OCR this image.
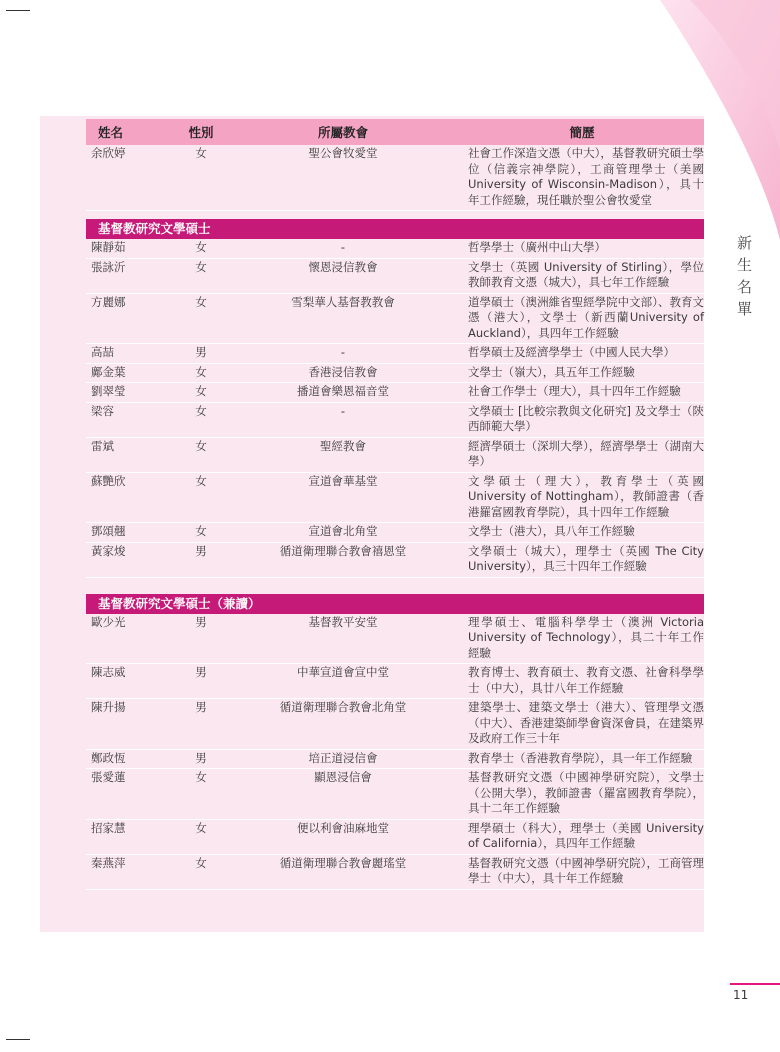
新
生
名
單
姓名	性別	所屬教會	簡歷
余欣婷	女	聖公會牧愛堂	社會工作深造文憑（中大），基督教研究碩士學位（信義宗神學院），工商管理學士（美國 University of Wisconsin-Madison），具十年工作經驗，現任職於聖公會牧愛堂
基督教研究文學碩士
陳靜茹	女	-	哲學學士（廣州中山大學）
張詠沂	女	懷恩浸信教會	文學士（英國 University of Stirling），學位教師教育文憑（城大），具七年工作經驗
方麗娜	女	雪梨華人基督教教會	道學碩士（澳洲維省聖經學院中文部）、教育文憑（港大），文學士（新西蘭University of Auckland），具四年工作經驗
高喆	男	-	哲學碩士及經濟學學士（中國人民大學）
鄺金葉	女	香港浸信教會	文學士（嶺大），具五年工作經驗
劉翠瑩	女	播道會樂恩福音堂	社會工作學士（理大），具十四年工作經驗
梁容	女	-	文學碩士 [比較宗教與文化研究] 及文學士（陝西師範大學）
雷斌	女	聖經教會	經濟學碩士（深圳大學），經濟學學士（湖南大學）
蘇艷欣	女	宣道會華基堂	文學碩士（理大），教育學士（英國 University of Nottingham），教師證書（香港羅富國教育學院），具十四年工作經驗
鄧頌翹	女	宣道會北角堂	文學士（港大），具八年工作經驗
黃家焌	男	循道衛理聯合教會禧恩堂	文學碩士（城大），理學士（英國 The City University），具三十四年工作經驗
基督教研究文學碩士（兼讀）
歐少光	男	基督教平安堂	理學碩士、電腦科學學士（澳洲 Victoria University of Technology），具二十年工作經驗
陳志威	男	中華宣道會宣中堂	教育博士、教育碩士、教育文憑、社會科學學士（中大），具廿八年工作經驗
陳升揚	男	循道衛理聯合教會北角堂	建築學士、建築文學士（港大）、管理學文憑（中大）、香港建築師學會資深會員，在建築界及政府工作三十年
鄭政恆	男	培正道浸信會	教育學士（香港教育學院），具一年工作經驗
張愛蓮	女	顯恩浸信會	基督教研究文憑（中國神學研究院），文學士（公開大學），教師證書（羅富國教育學院），具十二年工作經驗
招家慧	女	便以利會油麻地堂	理學碩士（科大），理學士（美國 University of California），具四年工作經驗
秦燕萍	女	循道衛理聯合教會麗瑤堂	基督教研究文憑（中國神學研究院），工商管理學士（中大），具十年工作經驗
11
